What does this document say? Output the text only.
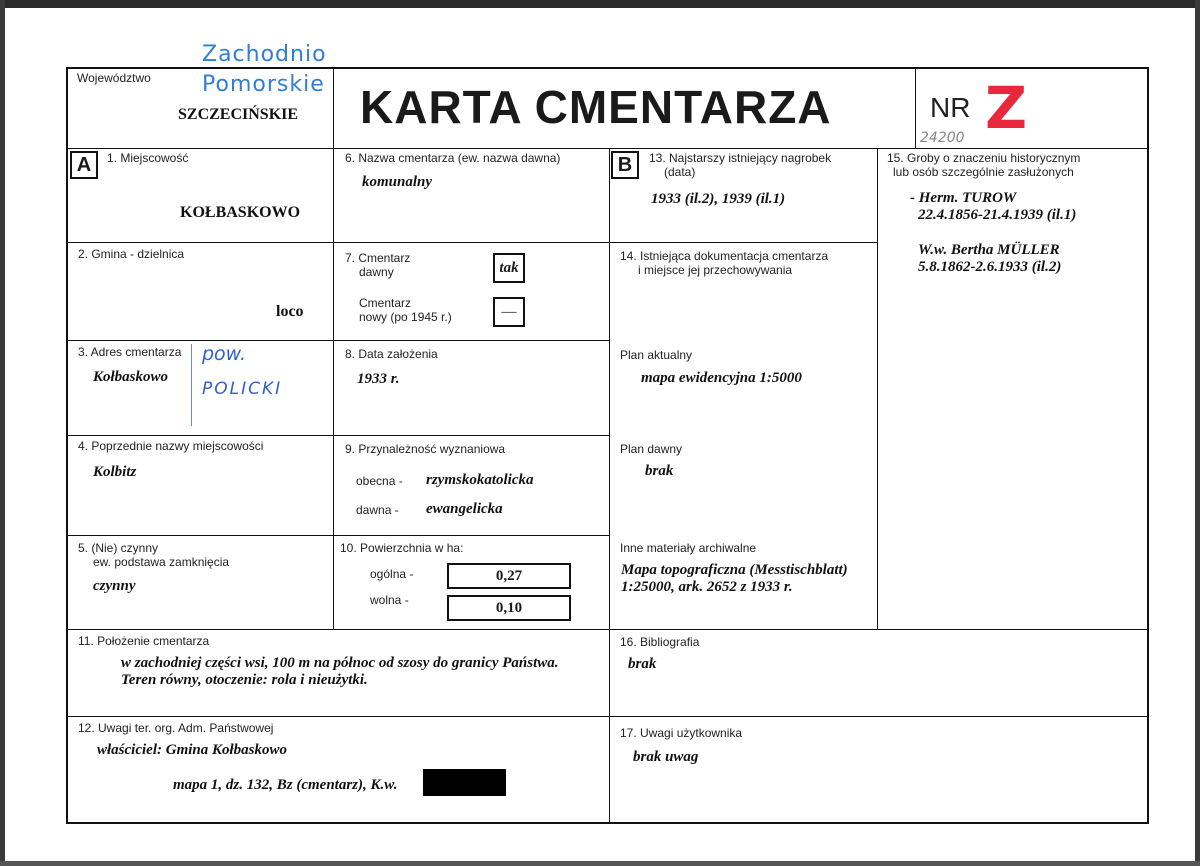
Województwo
SZCZECIŃSKIE
Zachodnio
Pomorskie KARTA CMENTARZA	NR Z
24200
A	1. Miejscowość
KOŁBASKOWO
2. Gmina - dzielnica
loco
3. Adres cmentarza
Kołbaskowo
pow.
POLICKI
4. Poprzednie nazwy miejscowości
Kolbitz
5. (Nie) czynny
ew. podstawa zamknięcia
czynny
6. Nazwa cmentarza (ew. nazwa dawna)
komunalny
7. Cmentarz
dawny	tak
Cmentarz
nowy (po 1945 r.)	—
8. Data założenia
1933 r.
9. Przynależność wyznaniowa
obecna - rzymskokatolicka
dawna - ewangelicka
10. Powierzchnia w ha:
ogólna -	0,27
wolna -	0,10
B	13. Najstarszy istniejący nagrobek
(data)
1933 (il.2), 1939 (il.1)
14. Istniejąca dokumentacja cmentarza
i miejsce jej przechowywania
Plan aktualny
mapa ewidencyjna 1:5000
Plan dawny
brak
Inne materiały archiwalne
Mapa topograficzna (Messtischblatt)
1:25000, ark. 2652 z 1933 r.
15. Groby o znaczeniu historycznym
lub osób szczególnie zasłużonych
- Herm. TUROW
22.4.1856-21.4.1939 (il.1)
W.w. Bertha MÜLLER
5.8.1862-2.6.1933 (il.2)
11. Położenie cmentarza
w zachodniej części wsi, 100 m na północ od szosy do granicy Państwa.
Teren równy, otoczenie: rola i nieużytki.
16. Bibliografia
brak
12. Uwagi ter. org. Adm. Państwowej
właściciel: Gmina Kołbaskowo
mapa 1, dz. 132, Bz (cmentarz), K.w.
17. Uwagi użytkownika
brak uwag
